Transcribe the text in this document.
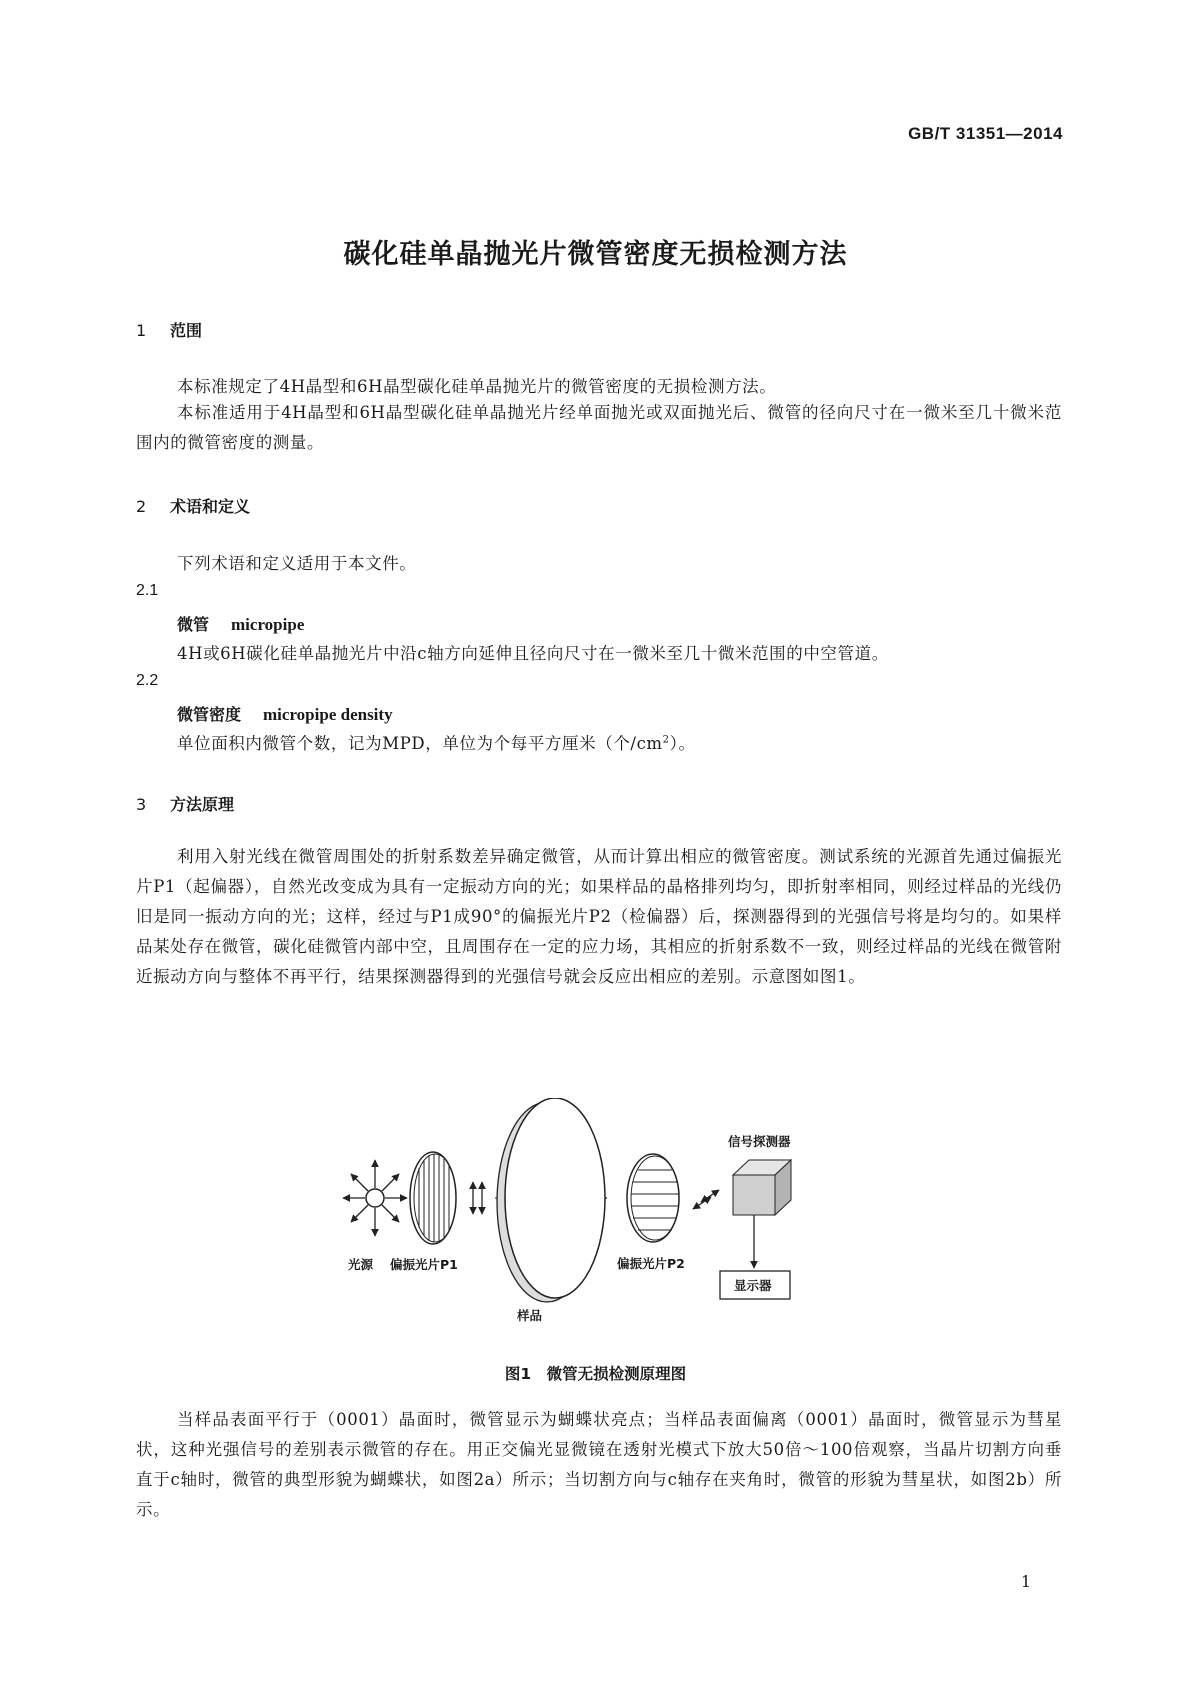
GB/T 31351—2014
碳化硅单晶抛光片微管密度无损检测方法
1 范围
本标准规定了4H晶型和6H晶型碳化硅单晶抛光片的微管密度的无损检测方法。
本标准适用于4H晶型和6H晶型碳化硅单晶抛光片经单面抛光或双面抛光后、微管的径向尺寸在一微米至几十微米范围内的微管密度的测量。
2 术语和定义
下列术语和定义适用于本文件。
2.1
微管 micropipe
4H或6H碳化硅单晶抛光片中沿c轴方向延伸且径向尺寸在一微米至几十微米范围的中空管道。
2.2
微管密度 micropipe density
单位面积内微管个数，记为MPD，单位为个每平方厘米（个$/cm^2$）。
3 方法原理
利用入射光线在微管周围处的折射系数差异确定微管，从而计算出相应的微管密度。测试系统的光源首先通过偏振光片P1（起偏器），自然光改变成为具有一定振动方向的光；如果样品的晶格排列均匀，即折射率相同，则经过样品的光线仍旧是同一振动方向的光；这样，经过与P1成90°的偏振光片P2（检偏器）后，探测器得到的光强信号将是均匀的。如果样品某处存在微管，碳化硅微管内部中空，且周围存在一定的应力场，其相应的折射系数不一致，则经过样品的光线在微管附近振动方向与整体不再平行，结果探测器得到的光强信号就会反应出相应的差别。示意图如图1。
光源 偏振光片P1
样品
偏振光片P2
信号探测器
显示器
图1　微管无损检测原理图
当样品表面平行于（0001）晶面时，微管显示为蝴蝶状亮点；当样品表面偏离（0001）晶面时，微管显示为彗星状，这种光强信号的差别表示微管的存在。用正交偏光显微镜在透射光模式下放大50倍～100倍观察，当晶片切割方向垂直于c轴时，微管的典型形貌为蝴蝶状，如图2a）所示；当切割方向与c轴存在夹角时，微管的形貌为彗星状，如图2b）所示。
1
